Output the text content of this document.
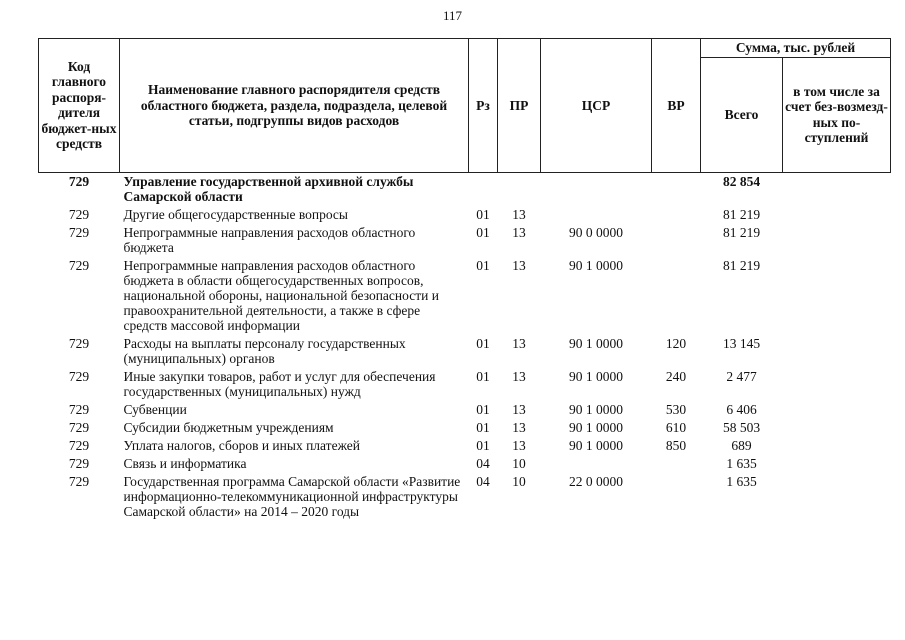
117
Код главного распоря-дителя бюджет-ных средств	Наименование главного распорядителя средств областного бюджета, раздела, подраздела, целевой статьи, подгруппы видов расходов	Рз	ПР	ЦСР	ВР	Сумма, тыс. рублей	
						Всего	в том числе за счет без-возмезд-ных по-ступлений
729	Управление государственной архивной службы Самарской области					82 854	
729	Другие общегосударственные вопросы	01	13			81 219	
729	Непрограммные направления расходов областного бюджета	01	13	90 0 0000		81 219	
729	Непрограммные направления расходов областного бюджета в области общегосударственных вопросов, национальной обороны, национальной безопасности и правоохранительной деятельности, а также в сфере средств массовой информации	01	13	90 1 0000		81 219	
729	Расходы на выплаты персоналу государственных (муниципальных) органов	01	13	90 1 0000	120	13 145	
729	Иные закупки товаров, работ и услуг для обеспечения государственных (муниципальных) нужд	01	13	90 1 0000	240	2 477	
729	Субвенции	01	13	90 1 0000	530	6 406	
729	Субсидии бюджетным учреждениям	01	13	90 1 0000	610	58 503	
729	Уплата налогов, сборов и иных платежей	01	13	90 1 0000	850	689	
729	Связь и информатика	04	10			1 635	
729	Государственная программа Самарской области «Развитие информационно-телекоммуникационной инфраструктуры Самарской области» на 2014 – 2020 годы	04	10	22 0 0000		1 635	
